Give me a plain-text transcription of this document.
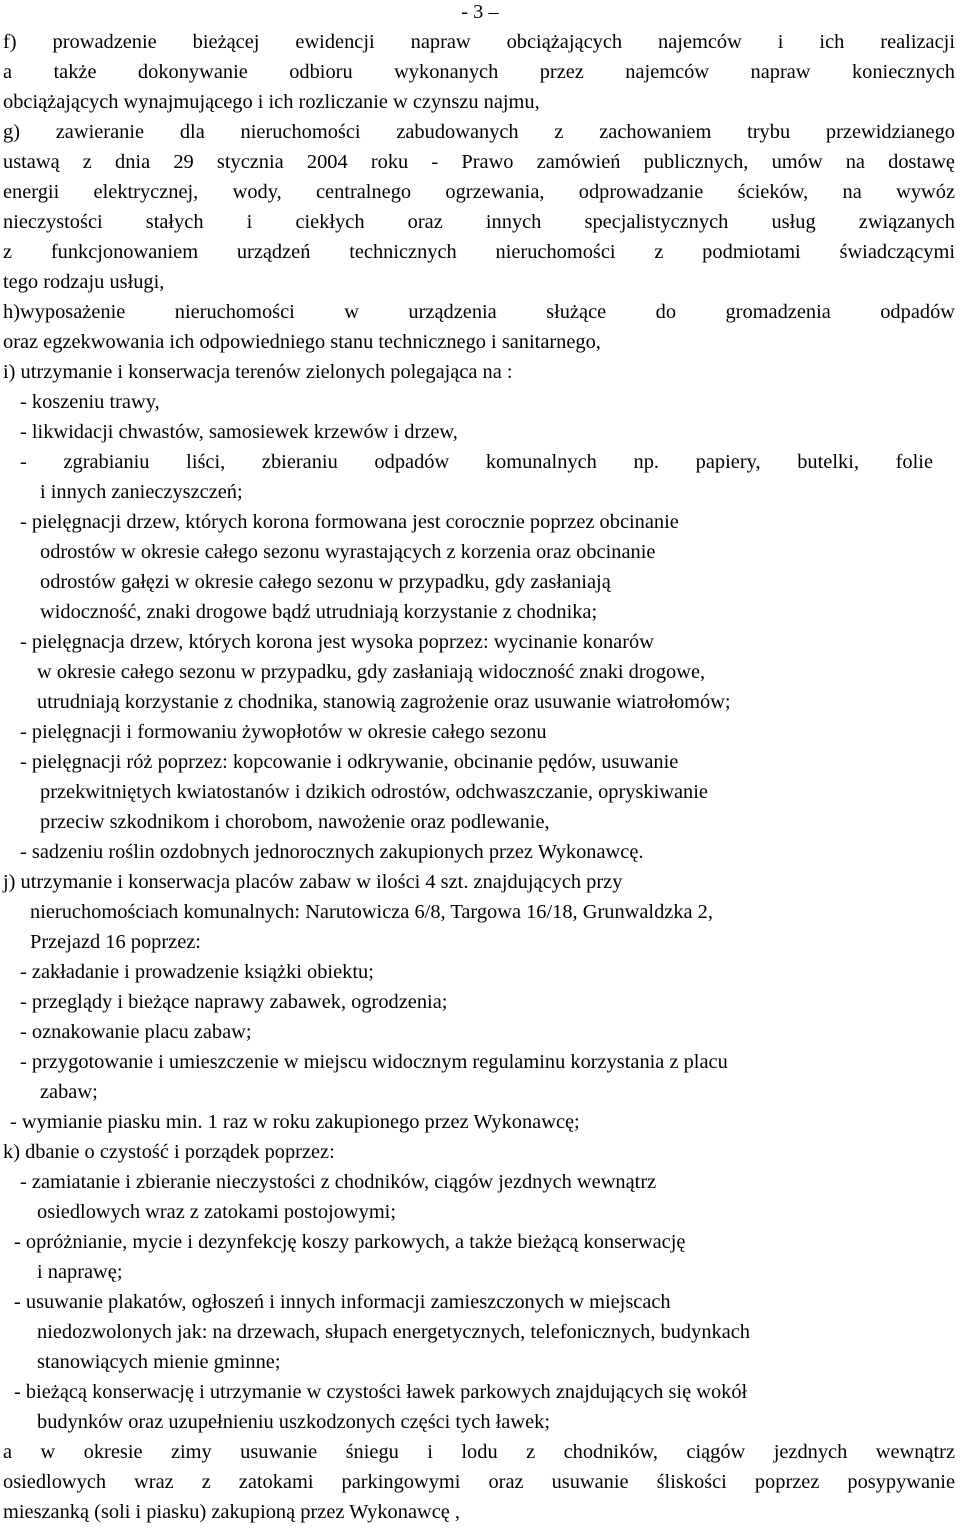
- 3 –
f) prowadzenie bieżącej ewidencji napraw obciążających najemców i ich realizacji
a także dokonywanie odbioru wykonanych przez najemców napraw koniecznych
obciążających wynajmującego i ich rozliczanie w czynszu najmu,
g) zawieranie dla nieruchomości zabudowanych z zachowaniem trybu przewidzianego
ustawą z dnia 29 stycznia 2004 roku - Prawo zamówień publicznych, umów na dostawę
energii elektrycznej, wody, centralnego ogrzewania, odprowadzanie ścieków, na wywóz
nieczystości stałych i ciekłych oraz innych specjalistycznych usług związanych
z funkcjonowaniem urządzeń technicznych nieruchomości z podmiotami świadczącymi
tego rodzaju usługi,
h)wyposażenie nieruchomości w urządzenia służące do gromadzenia odpadów
oraz egzekwowania ich odpowiedniego stanu technicznego i sanitarnego,
i) utrzymanie i konserwacja terenów zielonych polegająca na :
- koszeniu trawy,
- likwidacji chwastów, samosiewek krzewów i drzew,
- zgrabianiu liści, zbieraniu odpadów komunalnych np. papiery, butelki, folie
i innych zanieczyszczeń;
- pielęgnacji drzew, których korona formowana jest corocznie poprzez obcinanie
odrostów w okresie całego sezonu wyrastających z korzenia oraz obcinanie
odrostów gałęzi w okresie całego sezonu w przypadku, gdy zasłaniają
widoczność, znaki drogowe bądź utrudniają korzystanie z chodnika;
- pielęgnacja drzew, których korona jest wysoka poprzez: wycinanie konarów
w okresie całego sezonu w przypadku, gdy zasłaniają widoczność znaki drogowe,
utrudniają korzystanie z chodnika, stanowią zagrożenie oraz usuwanie wiatrołomów;
- pielęgnacji i formowaniu żywopłotów w okresie całego sezonu
- pielęgnacji róż poprzez: kopcowanie i odkrywanie, obcinanie pędów, usuwanie
przekwitniętych kwiatostanów i dzikich odrostów, odchwaszczanie, opryskiwanie
przeciw szkodnikom i chorobom, nawożenie oraz podlewanie,
- sadzeniu roślin ozdobnych jednorocznych zakupionych przez Wykonawcę.
j) utrzymanie i konserwacja placów zabaw w ilości 4 szt. znajdujących przy
nieruchomościach komunalnych: Narutowicza 6/8, Targowa 16/18, Grunwaldzka 2,
Przejazd 16 poprzez:
- zakładanie i prowadzenie książki obiektu;
- przeglądy i bieżące naprawy zabawek, ogrodzenia;
- oznakowanie placu zabaw;
- przygotowanie i umieszczenie w miejscu widocznym regulaminu korzystania z placu
zabaw;
- wymianie piasku min. 1 raz w roku zakupionego przez Wykonawcę;
k) dbanie o czystość i porządek poprzez:
- zamiatanie i zbieranie nieczystości z chodników, ciągów jezdnych wewnątrz
osiedlowych wraz z zatokami postojowymi;
- opróżnianie, mycie i dezynfekcję koszy parkowych, a także bieżącą konserwację
i naprawę;
- usuwanie plakatów, ogłoszeń i innych informacji zamieszczonych w miejscach
niedozwolonych jak: na drzewach, słupach energetycznych, telefonicznych, budynkach
stanowiących mienie gminne;
- bieżącą konserwację i utrzymanie w czystości ławek parkowych znajdujących się wokół
budynków oraz uzupełnieniu uszkodzonych części tych ławek;
a w okresie zimy usuwanie śniegu i lodu z chodników, ciągów jezdnych wewnątrz
osiedlowych wraz z zatokami parkingowymi oraz usuwanie śliskości poprzez posypywanie
mieszanką (soli i piasku) zakupioną przez Wykonawcę ,
